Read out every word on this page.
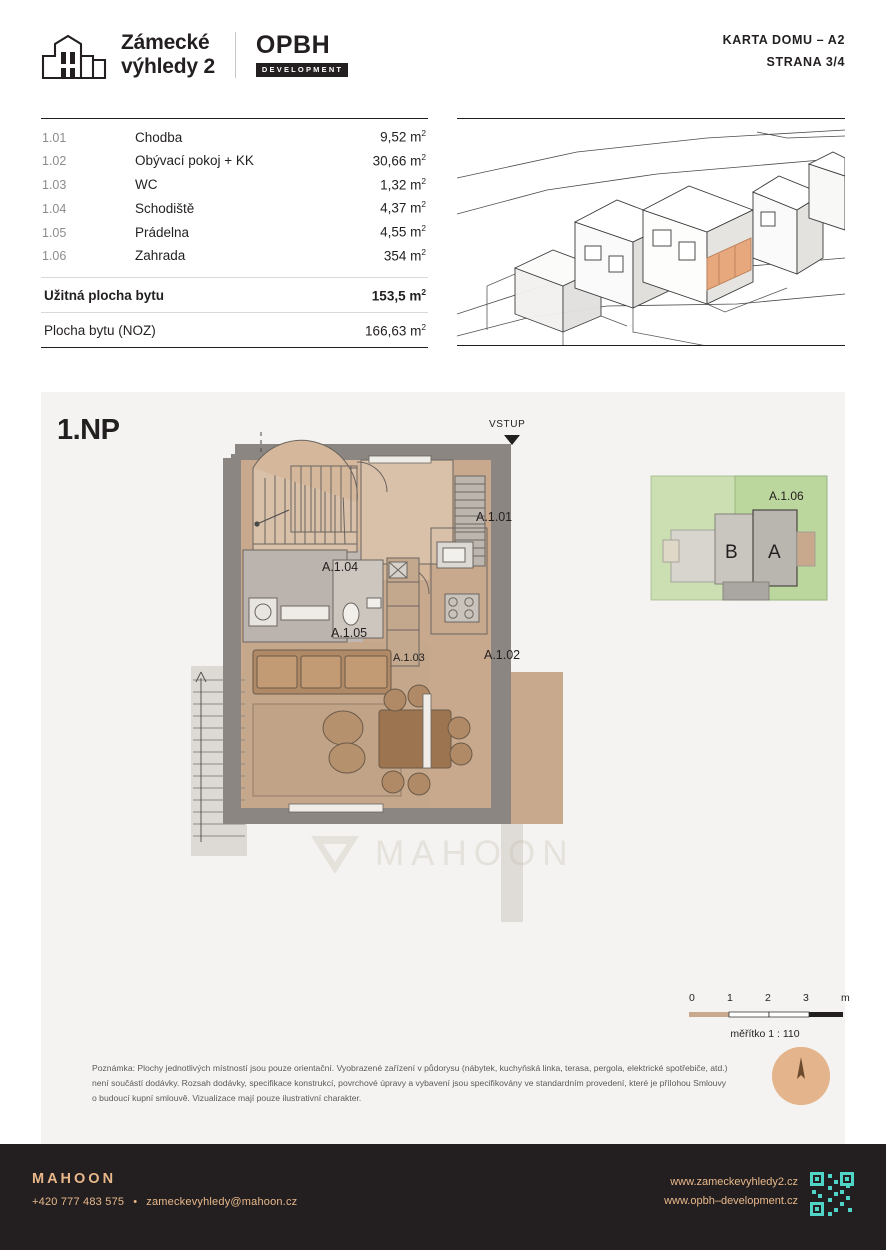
Zámecké
výhledy 2
OPBH
DEVELOPMENT
KARTA DOMU – A2
STRANA 3/4
1.01	Chodba	9,52 $m^2$
1.02	Obývací pokoj + KK	30,66 $m^2$
1.03	WC	1,32 $m^2$
1.04	Schodiště	4,37 $m^2$
1.05	Prádelna	4,55 $m^2$
1.06	Zahrada	354 $m^2$
Užitná plocha bytu	153,5 $m^2$
Plocha bytu (NOZ)	166,63 $m^2$
1.NP	VSTUP
A.1.01
A.1.02
A.1.03
A.1.04
A.1.05
MAHOON
A.1.06
A
B
0	1	2	3	m
měřítko 1 : 110
Poznámka: Plochy jednotlivých místností jsou pouze orientační. Vyobrazené zařízení v půdorysu (nábytek, kuchyňská linka, terasa, pergola, elektrické spotřebiče, atd.) není součástí dodávky. Rozsah dodávky, specifikace konstrukcí, povrchové úpravy a vybavení jsou specifikovány ve standardním provedení, které je přílohou Smlouvy o budoucí kupní smlouvě. Vizualizace mají pouze ilustrativní charakter.
MAHOON
+420 777 483 575 • zameckevyhledy@mahoon.cz
www.zameckevyhledy2.cz
www.opbh–development.cz
